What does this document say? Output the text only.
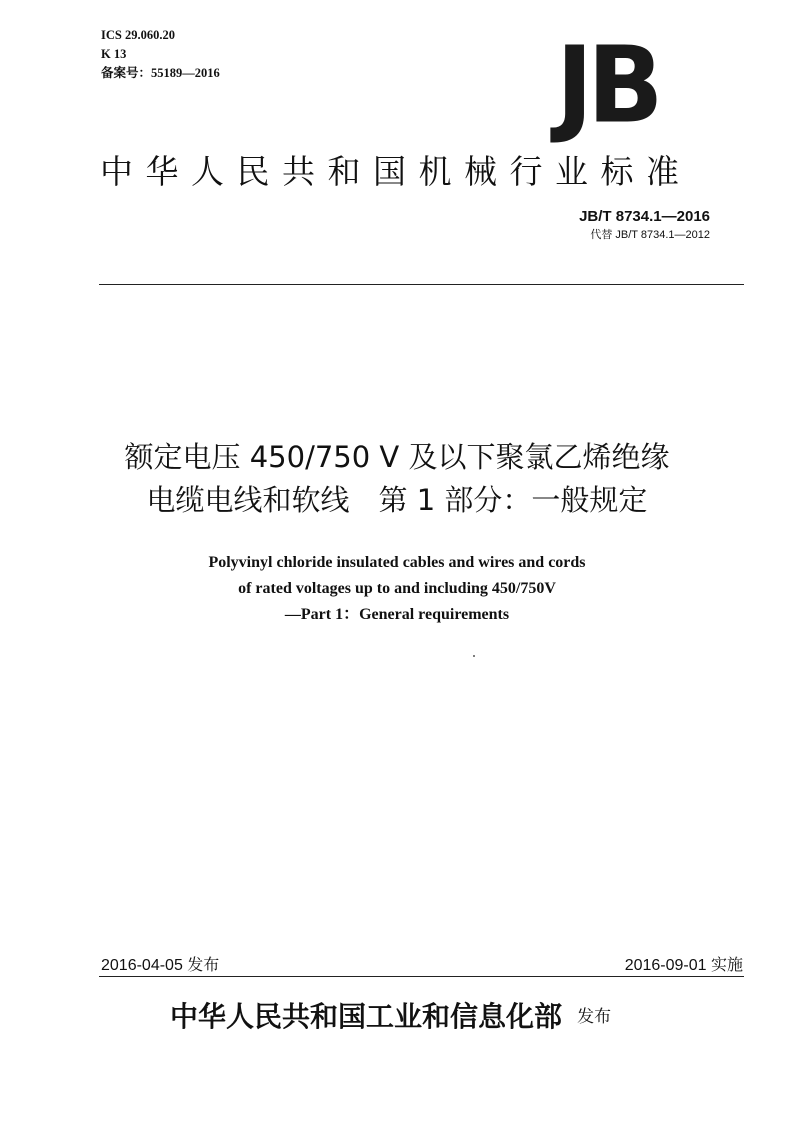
ICS 29.060.20
K 13
备案号：55189—2016	JB
中华人民共和国机械行业标准
JB/T 8734.1—2016
代替 JB/T 8734.1—2012
额定电压 450/750 V 及以下聚氯乙烯绝缘
电缆电线和软线　第 1 部分：一般规定
Polyvinyl chloride insulated cables and wires and cords
of rated voltages up to and including 450/750V
—Part 1：General requirements
2016-04-05 发布	2016-09-01 实施
中华人民共和国工业和信息化部 发布
